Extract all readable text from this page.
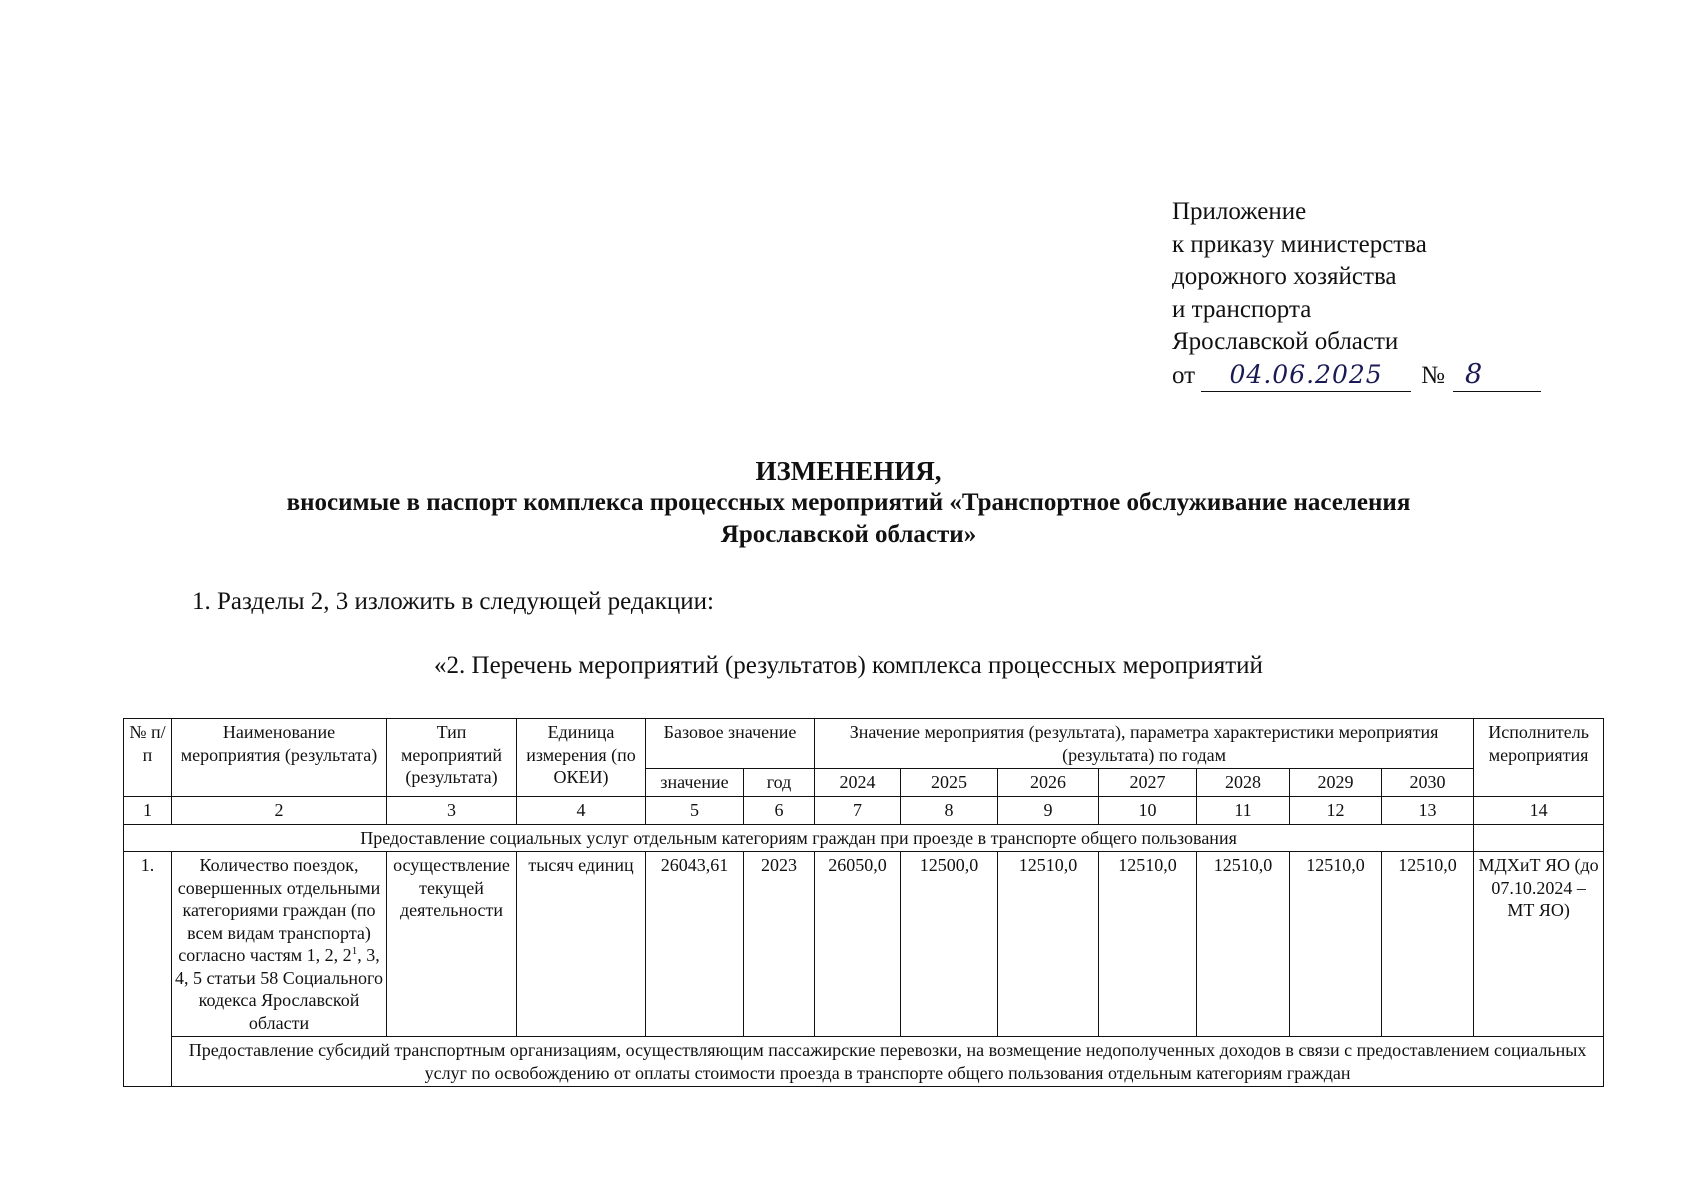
Приложение
к приказу министерства
дорожного хозяйства
и транспорта
Ярославской области
от	04.06.2025	№ 8
ИЗМЕНЕНИЯ,
вносимые в паспорт комплекса процессных мероприятий «Транспортное обслуживание населения
Ярославской области»
1. Разделы 2, 3 изложить в следующей редакции:
«2. Перечень мероприятий (результатов) комплекса процессных мероприятий
№ п/п	Наименование мероприятия (результата)	Тип мероприятий (результата)	Единица измерения (по ОКЕИ)	Базовое значение		Значение мероприятия (результата), параметра характеристики мероприятия (результата) по годам							Исполнитель мероприятия
				значение	год	2024	2025	2026	2027	2028	2029	2030	
1	2	3	4	5	6	7	8	9	10	11	12	13	14
Предоставление социальных услуг отдельным категориям граждан при проезде в транспорте общего пользования													
1.	Количество поездок, совершенных отдельными категориями граждан (по всем видам транспорта) согласно частям 1, 2, $2^1$, 3, 4, 5 статьи 58 Социального кодекса Ярославской области	осуществление текущей деятельности	тысяч единиц	26043,61	2023	26050,0	12500,0	12510,0	12510,0	12510,0	12510,0	12510,0	МДХиТ ЯО (до 07.10.2024 – МТ ЯО)
	Предоставление субсидий транспортным организациям, осуществляющим пассажирские перевозки, на возмещение недополученных доходов в связи с предоставлением социальных услуг по освобождению от оплаты стоимости проезда в транспорте общего пользования отдельным категориям граждан												
